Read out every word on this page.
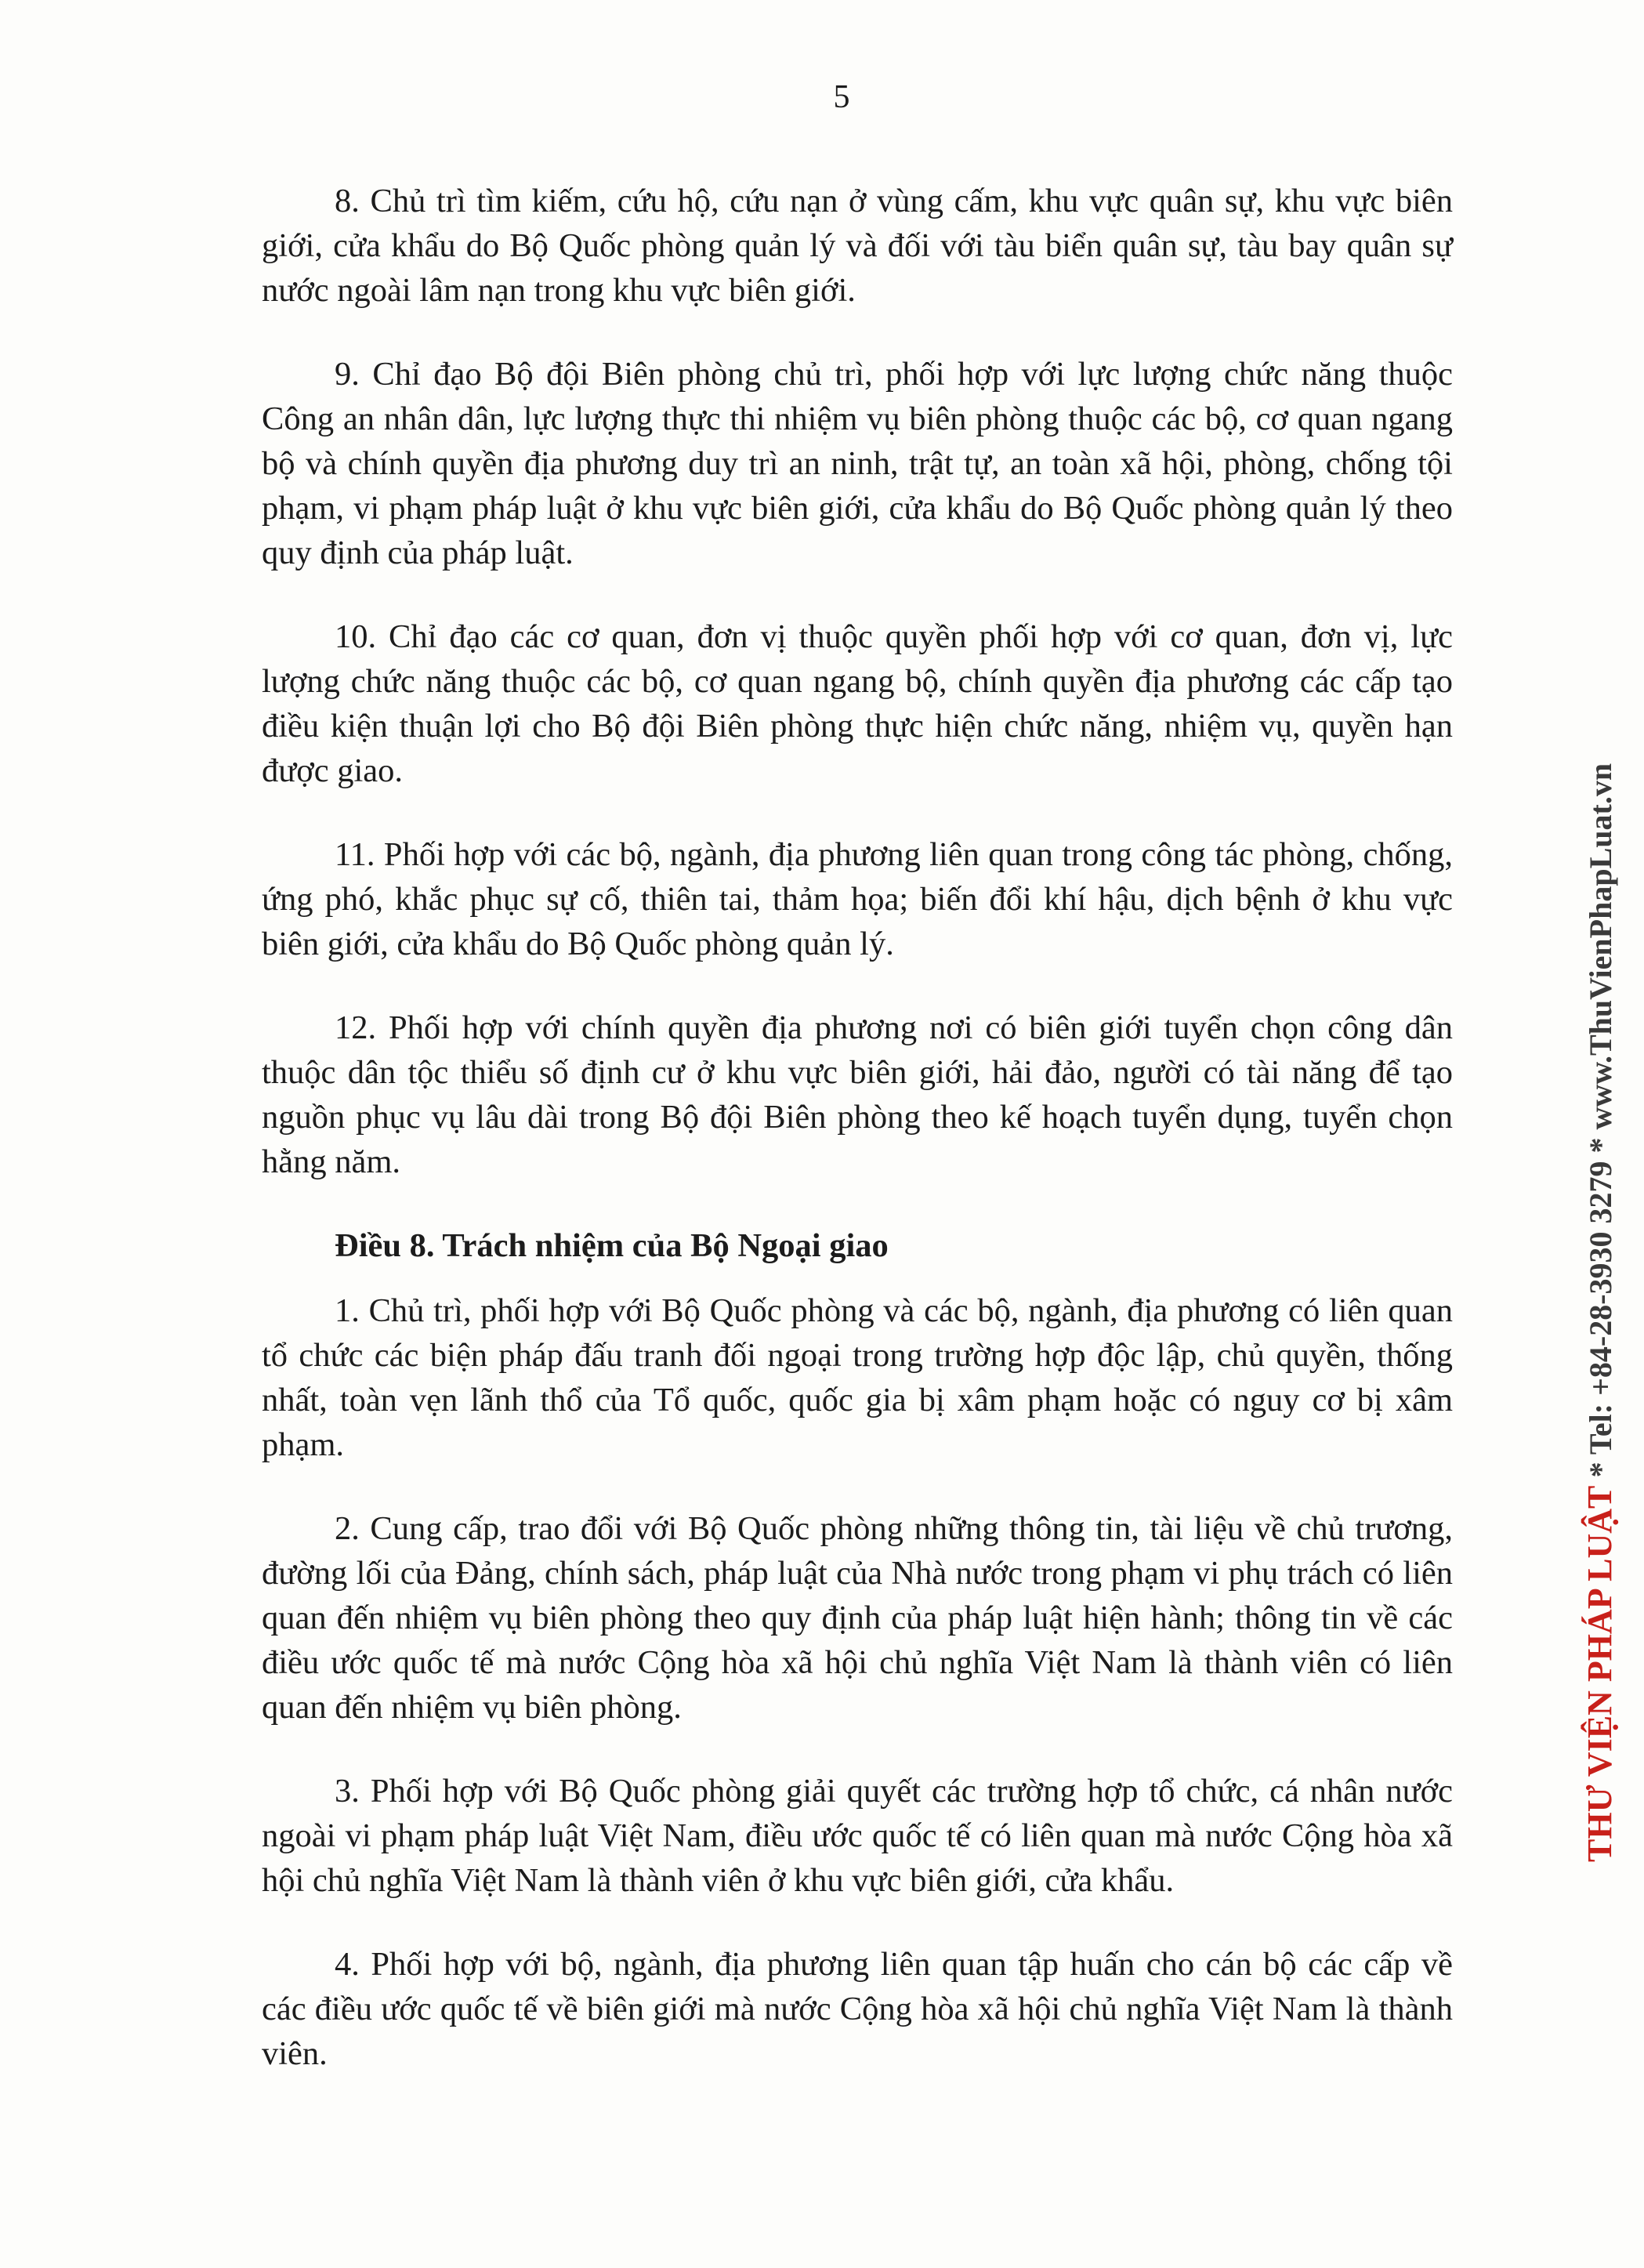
5

8. Chủ trì tìm kiếm, cứu hộ, cứu nạn ở vùng cấm, khu vực quân sự, khu vực biên giới, cửa khẩu do Bộ Quốc phòng quản lý và đối với tàu biển quân sự, tàu bay quân sự nước ngoài lâm nạn trong khu vực biên giới.

9. Chỉ đạo Bộ đội Biên phòng chủ trì, phối hợp với lực lượng chức năng thuộc Công an nhân dân, lực lượng thực thi nhiệm vụ biên phòng thuộc các bộ, cơ quan ngang bộ và chính quyền địa phương duy trì an ninh, trật tự, an toàn xã hội, phòng, chống tội phạm, vi phạm pháp luật ở khu vực biên giới, cửa khẩu do Bộ Quốc phòng quản lý theo quy định của pháp luật.

10. Chỉ đạo các cơ quan, đơn vị thuộc quyền phối hợp với cơ quan, đơn vị, lực lượng chức năng thuộc các bộ, cơ quan ngang bộ, chính quyền địa phương các cấp tạo điều kiện thuận lợi cho Bộ đội Biên phòng thực hiện chức năng, nhiệm vụ, quyền hạn được giao.

11. Phối hợp với các bộ, ngành, địa phương liên quan trong công tác phòng, chống, ứng phó, khắc phục sự cố, thiên tai, thảm họa; biến đổi khí hậu, dịch bệnh ở khu vực biên giới, cửa khẩu do Bộ Quốc phòng quản lý.

12. Phối hợp với chính quyền địa phương nơi có biên giới tuyển chọn công dân thuộc dân tộc thiểu số định cư ở khu vực biên giới, hải đảo, người có tài năng để tạo nguồn phục vụ lâu dài trong Bộ đội Biên phòng theo kế hoạch tuyển dụng, tuyển chọn hằng năm.

Điều 8. Trách nhiệm của Bộ Ngoại giao

1. Chủ trì, phối hợp với Bộ Quốc phòng và các bộ, ngành, địa phương có liên quan tổ chức các biện pháp đấu tranh đối ngoại trong trường hợp độc lập, chủ quyền, thống nhất, toàn vẹn lãnh thổ của Tổ quốc, quốc gia bị xâm phạm hoặc có nguy cơ bị xâm phạm.

2. Cung cấp, trao đổi với Bộ Quốc phòng những thông tin, tài liệu về chủ trương, đường lối của Đảng, chính sách, pháp luật của Nhà nước trong phạm vi phụ trách có liên quan đến nhiệm vụ biên phòng theo quy định của pháp luật hiện hành; thông tin về các điều ước quốc tế mà nước Cộng hòa xã hội chủ nghĩa Việt Nam là thành viên có liên quan đến nhiệm vụ biên phòng.

3. Phối hợp với Bộ Quốc phòng giải quyết các trường hợp tổ chức, cá nhân nước ngoài vi phạm pháp luật Việt Nam, điều ước quốc tế có liên quan mà nước Cộng hòa xã hội chủ nghĩa Việt Nam là thành viên ở khu vực biên giới, cửa khẩu.

4. Phối hợp với bộ, ngành, địa phương liên quan tập huấn cho cán bộ các cấp về các điều ước quốc tế về biên giới mà nước Cộng hòa xã hội chủ nghĩa Việt Nam là thành viên.

THƯ VIỆN PHÁP LUẬT * Tel: +84-28-3930 3279 * www.ThuVienPhapLuat.vn
